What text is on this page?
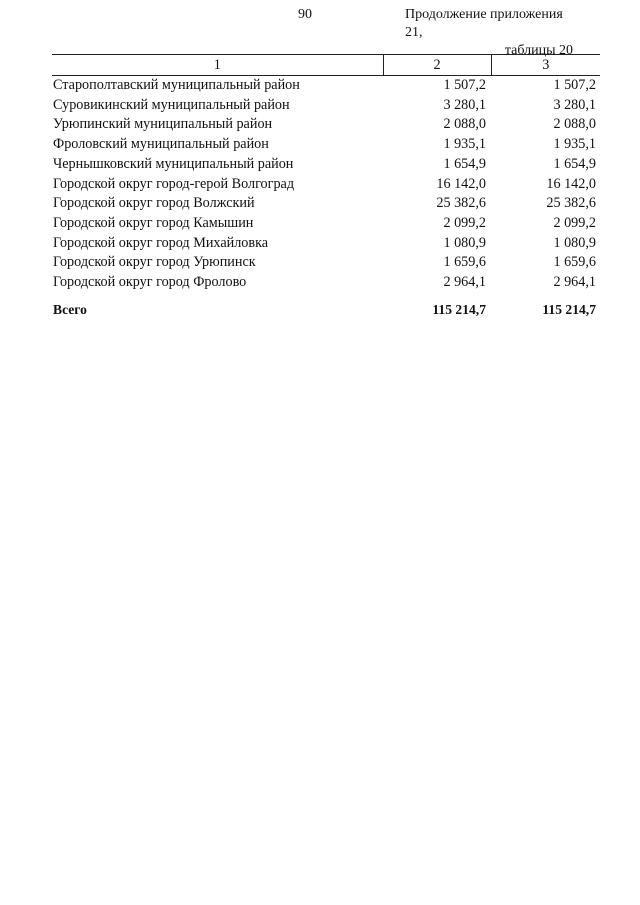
90	Продолжение приложения 21,
таблицы 20
1	2	3
Старополтавский муниципальный район	1 507,2	1 507,2
Суровикинский муниципальный район	3 280,1	3 280,1
Урюпинский муниципальный район	2 088,0	2 088,0
Фроловский муниципальный район	1 935,1	1 935,1
Чернышковский муниципальный район	1 654,9	1 654,9
Городской округ город-герой Волгоград	16 142,0	16 142,0
Городской округ город Волжский	25 382,6	25 382,6
Городской округ город Камышин	2 099,2	2 099,2
Городской округ город Михайловка	1 080,9	1 080,9
Городской округ город Урюпинск	1 659,6	1 659,6
Городской округ город Фролово	2 964,1	2 964,1

Всего	115 214,7	115 214,7
